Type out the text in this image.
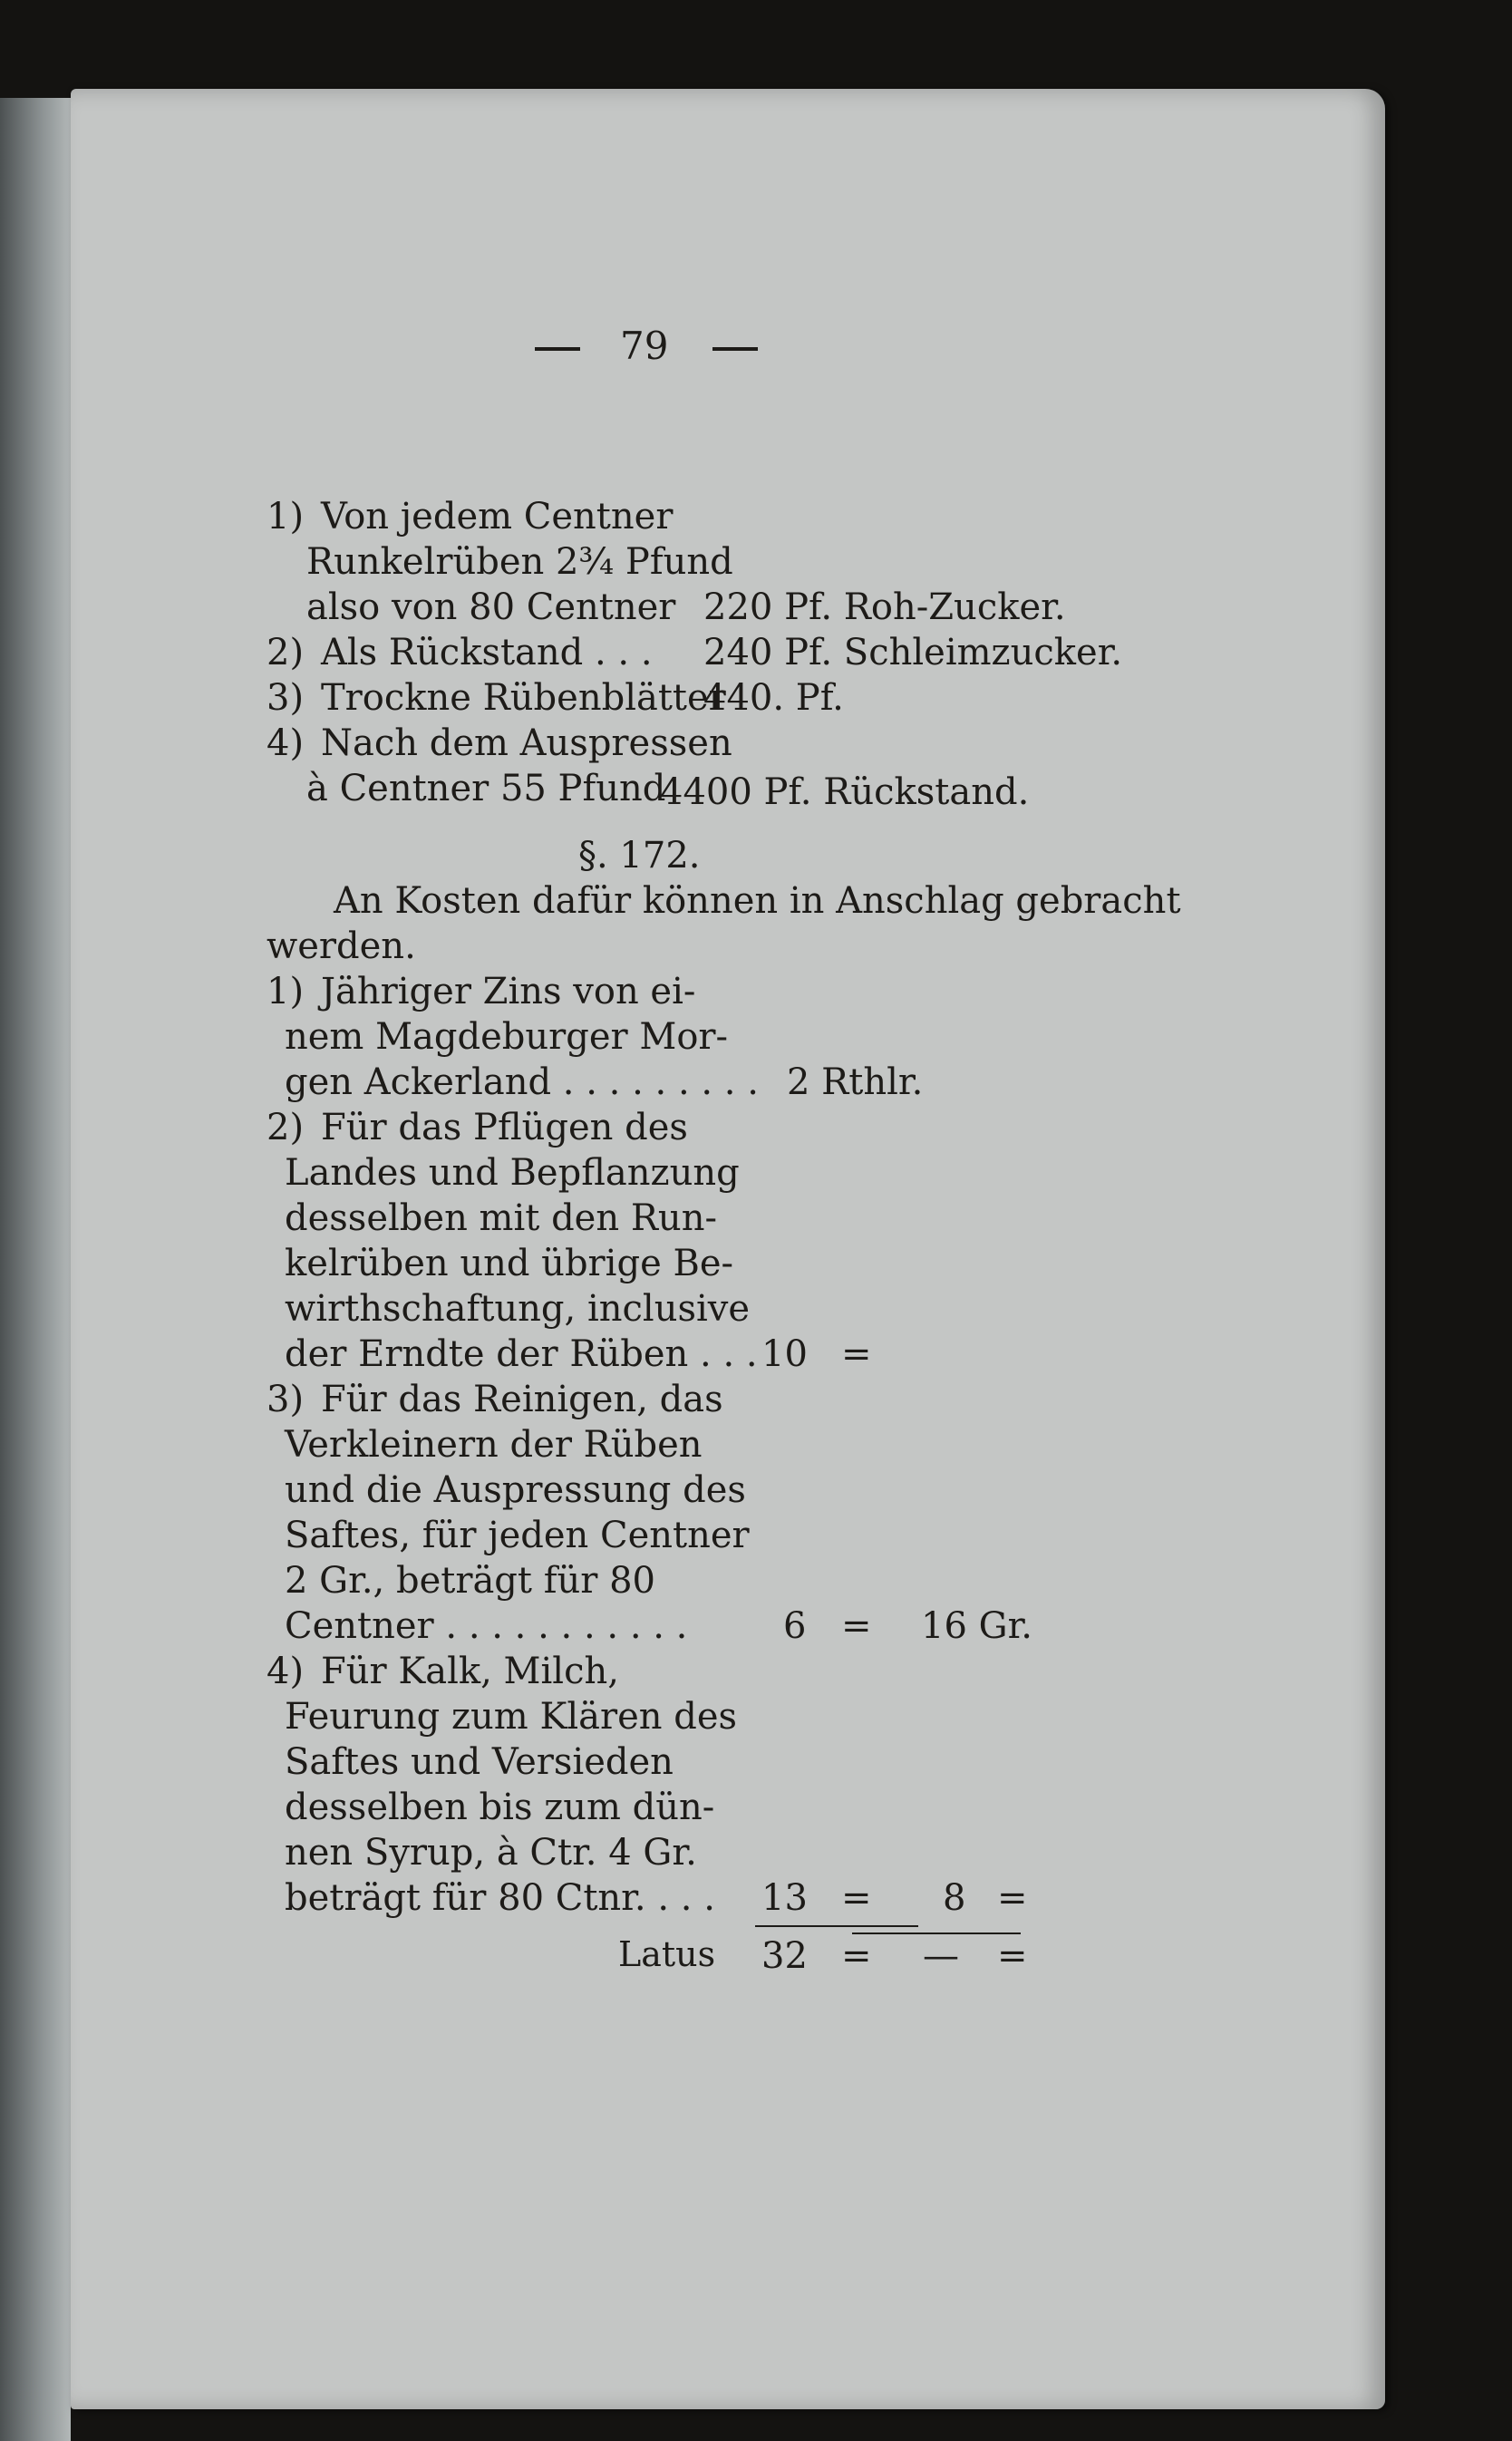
79
1) Von jedem Centner
Runkelrüben 2¾ Pfund
also von 80 Centner 220 Pf. Roh-Zucker.
2) Als Rückstand . . . 240 Pf. Schleimzucker.
3) Trockne Rübenblätter
440. Pf.
4) Nach dem Auspressen
à Centner 55 Pfund
4400 Pf. Rückstand.
§. 172.
An Kosten dafür können in Anschlag gebracht
werden.
1) Jähriger Zins von ei-
nem Magdeburger Mor-
gen Ackerland . . . . . . . . . 2 Rthlr.
2) Für das Pflügen des
Landes und Bepflanzung
desselben mit den Run-
kelrüben und übrige Be-
wirthschaftung, inclusive
der Erndte der Rüben . . . 10 =
3) Für das Reinigen, das
Verkleinern der Rüben
und die Auspressung des
Saftes, für jeden Centner
2 Gr., beträgt für 80
Centner . . . . . . . . . . .	6 = 16 Gr.
4) Für Kalk, Milch,
Feurung zum Klären des
Saftes und Versieden
desselben bis zum dün-
nen Syrup, à Ctr. 4 Gr.
beträgt für 80 Ctnr. . . . 13 = 8 =
Latus 32 = — =
